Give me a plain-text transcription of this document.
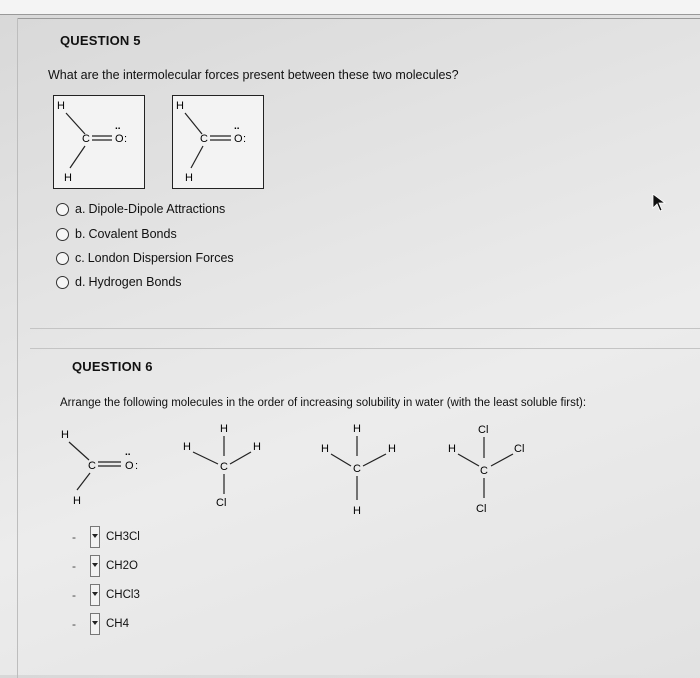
QUESTION 5
What are the intermolecular forces present between these two molecules?
H
C
..
O :
H
H
C
..
O :
H
a. Dipole-Dipole Attractions
b. Covalent Bonds
c. London Dispersion Forces
d. Hydrogen Bonds
QUESTION 6
Arrange the following molecules in the order of increasing solubility in water (with the least soluble first):
H
C
..
O :
H
H
H	H
C
Cl
H
H	H
C
H
Cl
H	Cl
C
Cl
-	CH3Cl
-	CH2O
-	CHCl3
-	CH4
